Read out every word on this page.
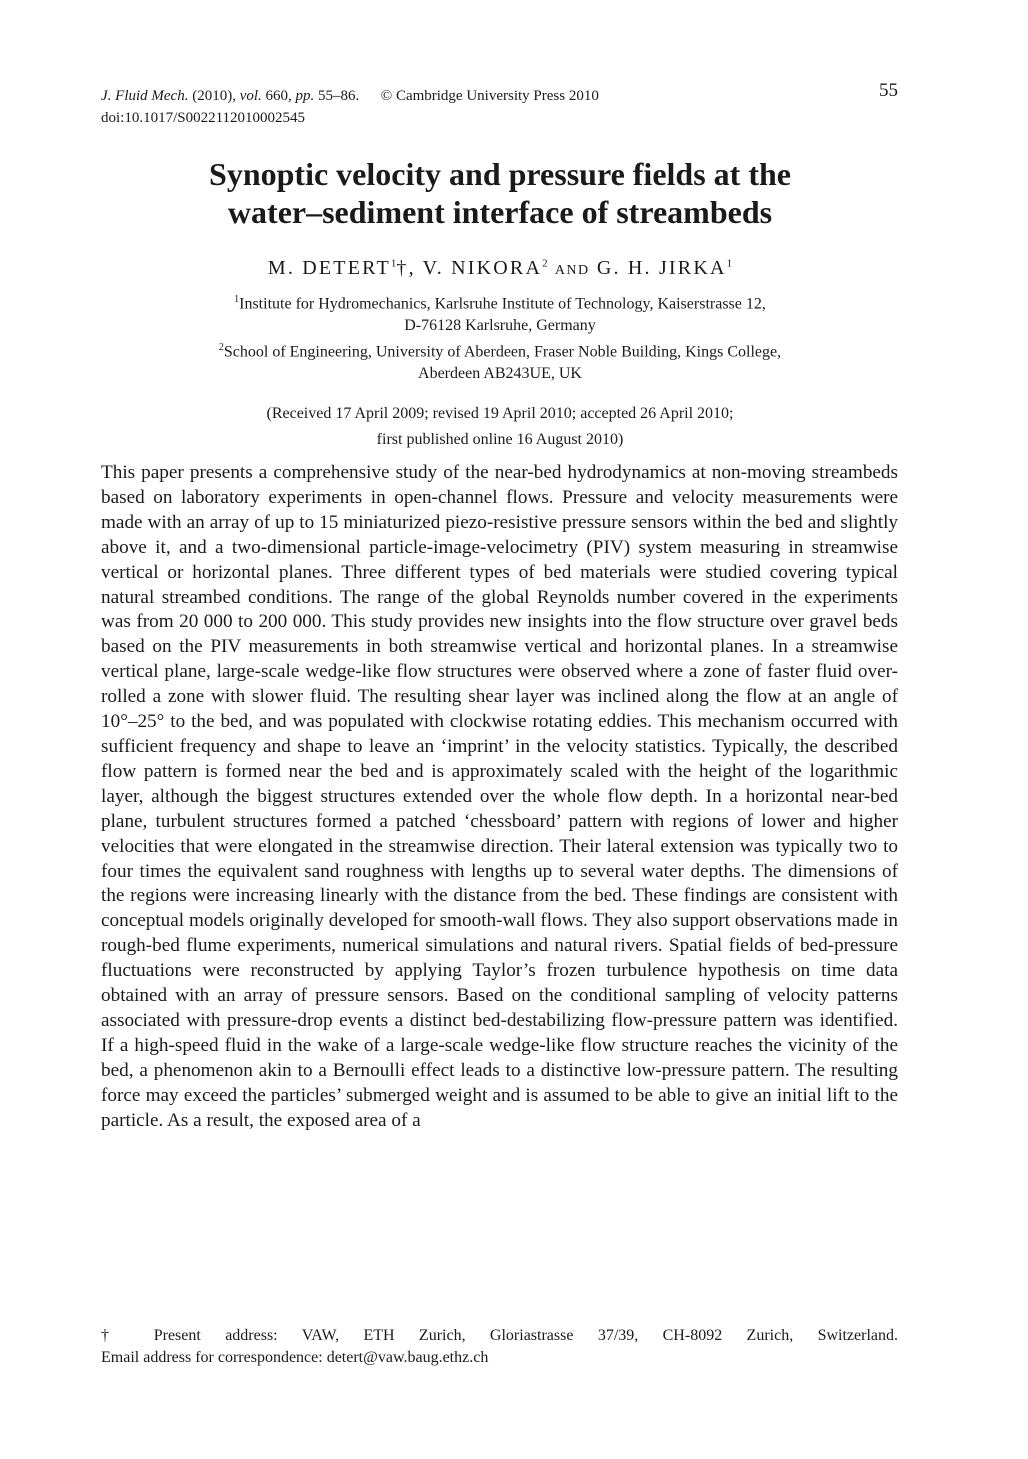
J. Fluid Mech. (2010), vol. 660, pp. 55–86. © Cambridge University Press 2010
doi:10.1017/S0022112010002545
55
Synoptic velocity and pressure fields at the
water–sediment interface of streambeds
M. DETERT$^1$†, V. NIKORA$^2$ AND G. H. JIRKA$^1$
$^1$Institute for Hydromechanics, Karlsruhe Institute of Technology, Kaiserstrasse 12,
D-76128 Karlsruhe, Germany
$^2$School of Engineering, University of Aberdeen, Fraser Noble Building, Kings College,
Aberdeen AB243UE, UK
(Received 17 April 2009; revised 19 April 2010; accepted 26 April 2010;
first published online 16 August 2010)

This paper presents a comprehensive study of the near-bed hydrodynamics at non-moving streambeds based on laboratory experiments in open-channel flows. Pressure and velocity measurements were made with an array of up to 15 miniaturized piezo-resistive pressure sensors within the bed and slightly above it, and a two-dimensional particle-image-velocimetry (PIV) system measuring in streamwise vertical or horizontal planes. Three different types of bed materials were studied covering typical natural streambed conditions. The range of the global Reynolds number covered in the experiments was from 20 000 to 200 000. This study provides new insights into the flow structure over gravel beds based on the PIV measurements in both streamwise vertical and horizontal planes. In a streamwise vertical plane, large-scale wedge-like flow structures were observed where a zone of faster fluid over-rolled a zone with slower fluid. The resulting shear layer was inclined along the flow at an angle of 10°–25° to the bed, and was populated with clockwise rotating eddies. This mechanism occurred with sufficient frequency and shape to leave an ‘imprint’ in the velocity statistics. Typically, the described flow pattern is formed near the bed and is approximately scaled with the height of the logarithmic layer, although the biggest structures extended over the whole flow depth. In a horizontal near-bed plane, turbulent structures formed a patched ‘chessboard’ pattern with regions of lower and higher velocities that were elongated in the streamwise direction. Their lateral extension was typically two to four times the equivalent sand roughness with lengths up to several water depths. The dimensions of the regions were increasing linearly with the distance from the bed. These findings are consistent with conceptual models originally developed for smooth-wall flows. They also support observations made in rough-bed flume experiments, numerical simulations and natural rivers. Spatial fields of bed-pressure fluctuations were reconstructed by applying Taylor’s frozen turbulence hypothesis on time data obtained with an array of pressure sensors. Based on the conditional sampling of velocity patterns associated with pressure-drop events a distinct bed-destabilizing flow-pressure pattern was identified. If a high-speed fluid in the wake of a large-scale wedge-like flow structure reaches the vicinity of the bed, a phenomenon akin to a Bernoulli effect leads to a distinctive low-pressure pattern. The resulting force may exceed the particles’ submerged weight and is assumed to be able to give an initial lift to the particle. As a result, the exposed area of a

† Present address: VAW, ETH Zurich, Gloriastrasse 37/39, CH-8092 Zurich, Switzerland.
Email address for correspondence: detert@vaw.baug.ethz.ch
